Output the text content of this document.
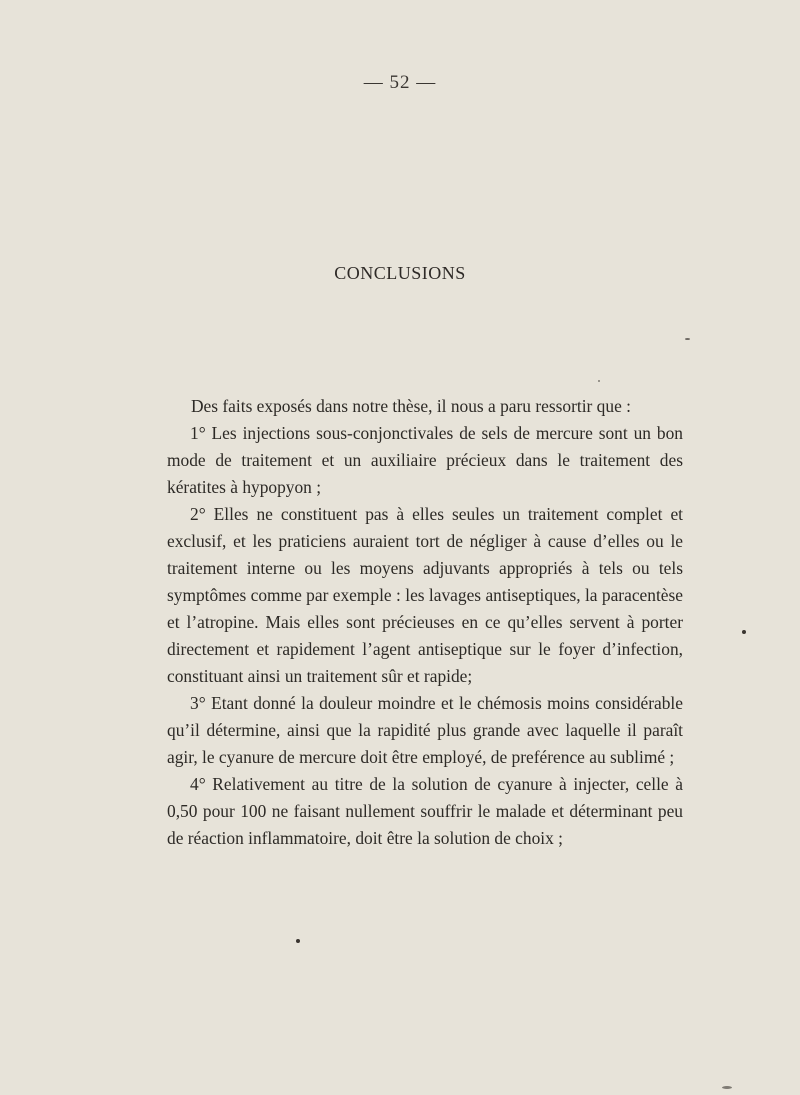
— 52 —
CONCLUSIONS

Des faits exposés dans notre thèse, il nous a paru ressortir que :

1° Les injections sous-conjonctivales de sels de mercure sont un bon mode de traitement et un auxiliaire précieux dans le traitement des kératites à hypopyon ;

2° Elles ne constituent pas à elles seules un traitement complet et exclusif, et les praticiens auraient tort de négliger à cause d’elles ou le traitement interne ou les moyens adjuvants appropriés à tels ou tels symptômes comme par exemple : les lavages antiseptiques, la paracentèse et l’atropine. Mais elles sont précieuses en ce qu’elles servent à porter directement et rapidement l’agent antiseptique sur le foyer d’infection, constituant ainsi un traitement sûr et rapide;

3° Etant donné la douleur moindre et le chémosis moins considérable qu’il détermine, ainsi que la rapidité plus grande avec laquelle il paraît agir, le cyanure de mercure doit être employé, de preférence au sublimé ;

4° Relativement au titre de la solution de cyanure à injecter, celle à 0,50 pour 100 ne faisant nullement souffrir le malade et déterminant peu de réaction inflammatoire, doit être la solution de choix ;
